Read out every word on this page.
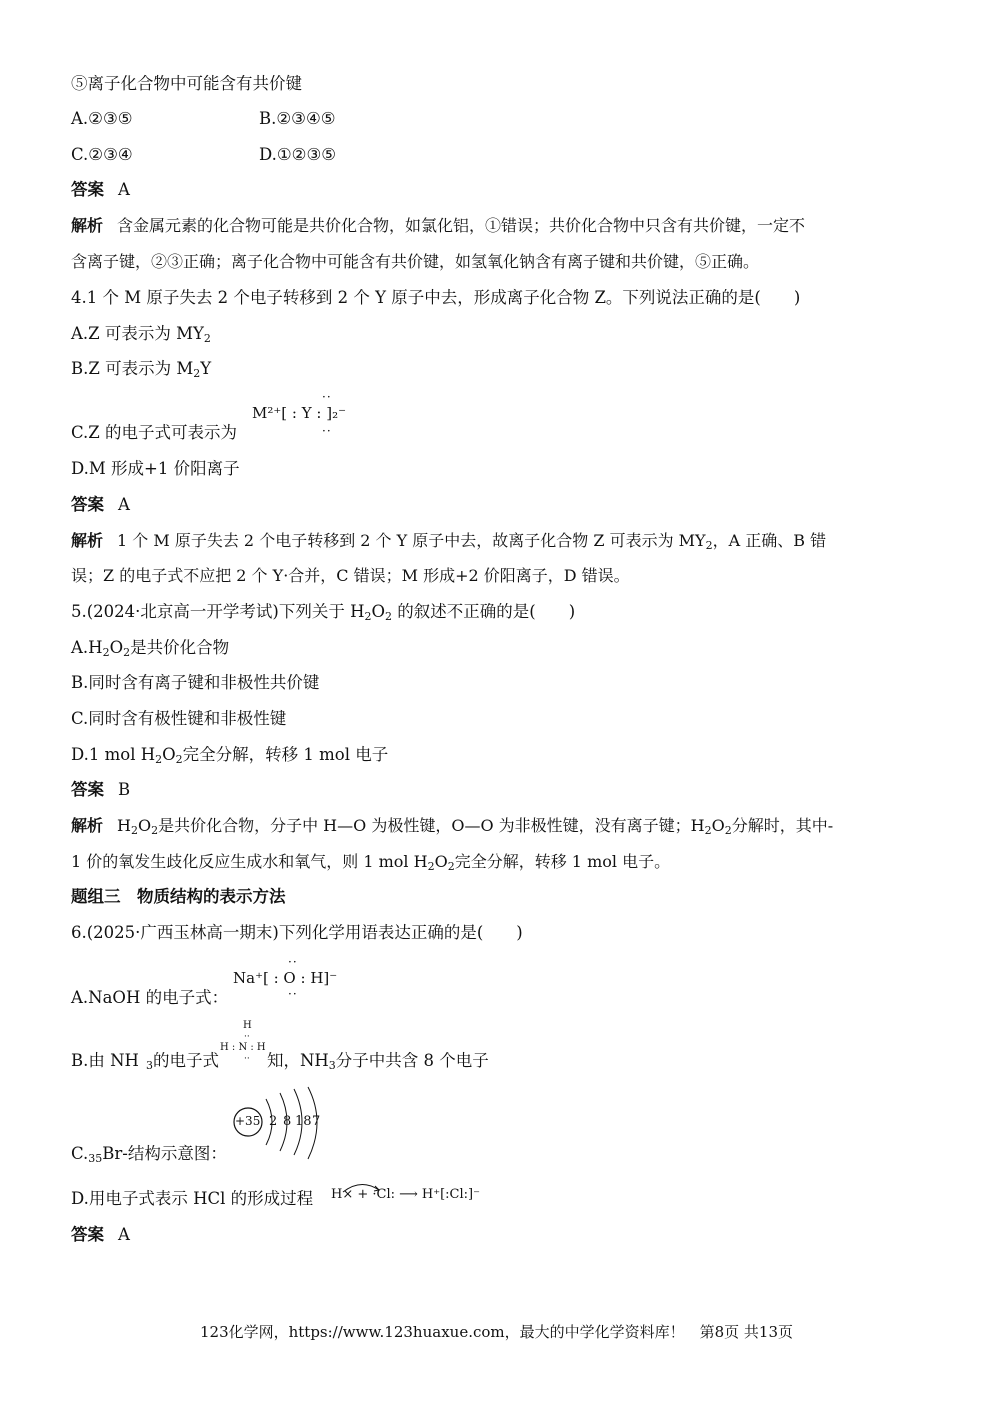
⑤离子化合物中可能含有共价键
A.②③⑤	B.②③④⑤
C.②③④	D.①②③⑤
答案 A
解析 含金属元素的化合物可能是共价化合物，如氯化铝，①错误；共价化合物中只含有共价键，一定不
含离子键，②③正确；离子化合物中可能含有共价键，如氢氧化钠含有离子键和共价键，⑤正确。
4.1 个 M 原子失去 2 个电子转移到 2 个 Y 原子中去，形成离子化合物 Z。下列说法正确的是(　　)
A.Z 可表示为 $MY_2$
B.Z 可表示为 $M_2Y$
C.Z 的电子式可表示为
··
M²⁺[ : Y : ]₂⁻
··
D.M 形成+1 价阳离子
答案 A
解析 1 个 M 原子失去 2 个电子转移到 2 个 Y 原子中去，故离子化合物 Z 可表示为 $MY_2$，A 正确、B 错
误；Z 的电子式不应把 2 个 Y·合并，C 错误；M 形成+2 价阳离子，D 错误。
5.(2024·北京高一开学考试)下列关于 $H_2O_2$ 的叙述不正确的是(　　)
$A.H_2O_2$是共价化合物
B.同时含有离子键和非极性共价键
C.同时含有极性键和非极性键
D.1 mol $H_2O_2$完全分解，转移 1 mol 电子
答案 B
解析 $H_2O_2$是共价化合物，分子中 H—O 为极性键，O—O 为非极性键，没有离子键；$H_2O_2$分解时，其中-
1 价的氧发生歧化反应生成水和氧气，则 1 mol $H_2O_2$完全分解，转移 1 mol 电子。
题组三　物质结构的表示方法
6.(2025·广西玉林高一期末)下列化学用语表达正确的是(　　)
A.NaOH 的电子式：
··
Na⁺[ : O : H]⁻
··
B.由 NH $_3$的电子式	知，$NH_3$分子中共含 8 个电子
H
··
H : N : H
··
$C._{35}Br-$结构示意图：
+35 2 8 18 7
D.用电子式表示 HCl 的形成过程 H× + ·Cl: ⟶ H⁺[:Cl:]⁻
答案 A
123化学网，https://www.123huaxue.com，最大的中学化学资料库！　第8页 共13页
